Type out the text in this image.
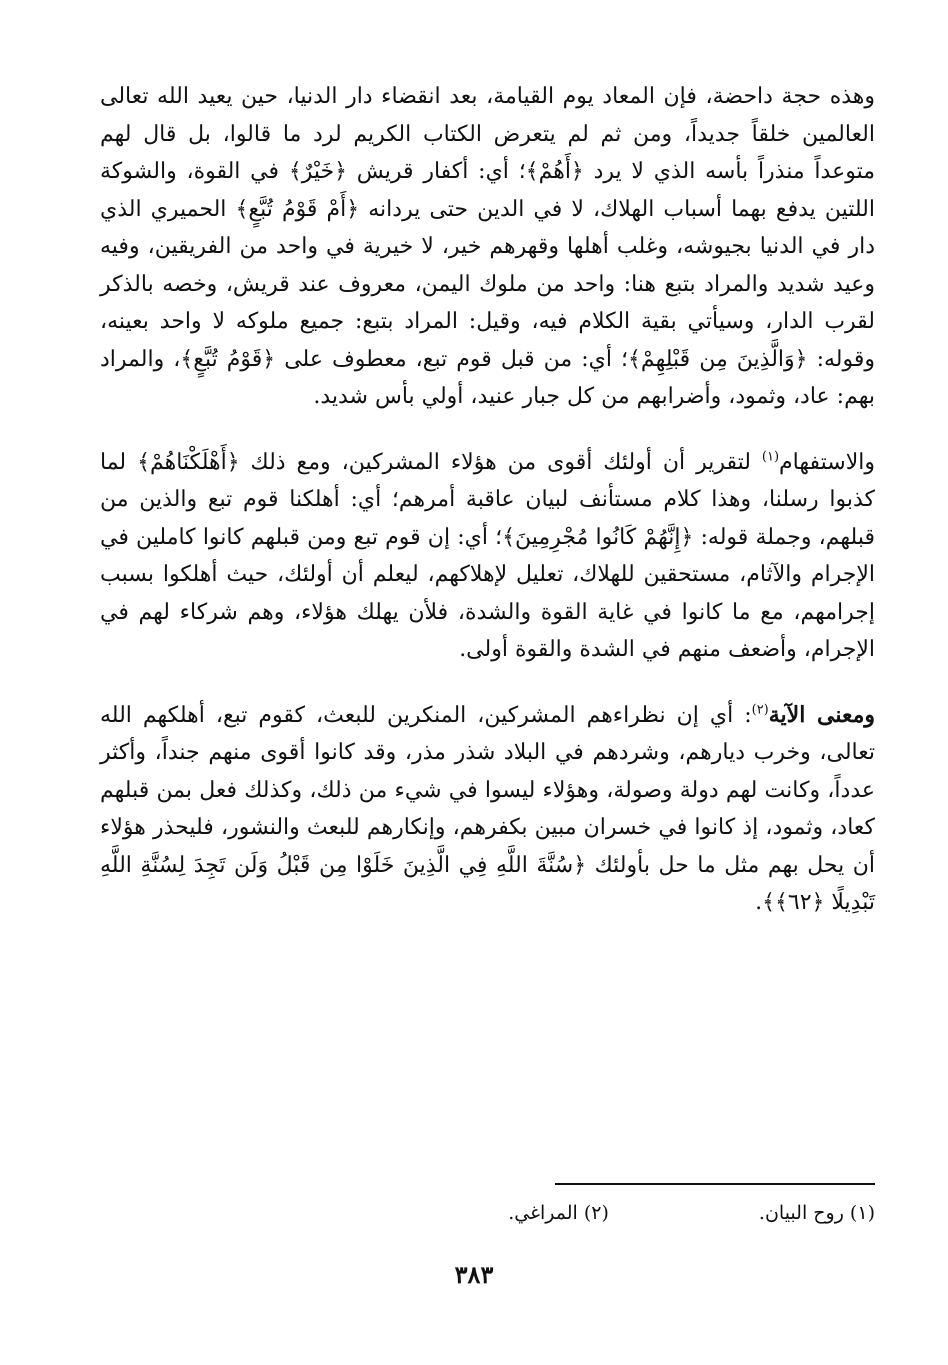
وهذه حجة داحضة، فإن المعاد يوم القيامة، بعد انقضاء دار الدنيا، حين يعيد الله تعالى العالمين خلقاً جديداً، ومن ثم لم يتعرض الكتاب الكريم لرد ما قالوا، بل قال لهم متوعداً منذراً بأسه الذي لا يرد ﴿أَهُمْ﴾؛ أي: أكفار قريش ﴿خَيْرٌ﴾ في القوة، والشوكة اللتين يدفع بهما أسباب الهلاك، لا في الدين حتى يردانه ﴿أَمْ قَوْمُ تُبَّعٍ﴾ الحميري الذي دار في الدنيا بجيوشه، وغلب أهلها وقهرهم خير، لا خيرية في واحد من الفريقين، وفيه وعيد شديد والمراد بتبع هنا: واحد من ملوك اليمن، معروف عند قريش، وخصه بالذكر لقرب الدار، وسيأتي بقية الكلام فيه، وقيل: المراد بتبع: جميع ملوكه لا واحد بعينه، وقوله: ﴿وَالَّذِينَ مِن قَبْلِهِمْ﴾؛ أي: من قبل قوم تبع، معطوف على ﴿قَوْمُ تُبَّعٍ﴾، والمراد بهم: عاد، وثمود، وأضرابهم من كل جبار عنيد، أولي بأس شديد.

والاستفهام$^{(١)}$ لتقرير أن أولئك أقوى من هؤلاء المشركين، ومع ذلك ﴿أَهْلَكْنَاهُمْ﴾ لما كذبوا رسلنا، وهذا كلام مستأنف لبيان عاقبة أمرهم؛ أي: أهلكنا قوم تبع والذين من قبلهم، وجملة قوله: ﴿إِنَّهُمْ كَانُوا مُجْرِمِينَ﴾؛ أي: إن قوم تبع ومن قبلهم كانوا كاملين في الإجرام والآثام، مستحقين للهلاك، تعليل لإهلاكهم، ليعلم أن أولئك، حيث أهلكوا بسبب إجرامهم، مع ما كانوا في غاية القوة والشدة، فلأن يهلك هؤلاء، وهم شركاء لهم في الإجرام، وأضعف منهم في الشدة والقوة أولى.

ومعنى الآية$^{(٢)}$: أي إن نظراءهم المشركين، المنكرين للبعث، كقوم تبع، أهلكهم الله تعالى، وخرب ديارهم، وشردهم في البلاد شذر مذر، وقد كانوا أقوى منهم جنداً، وأكثر عدداً، وكانت لهم دولة وصولة، وهؤلاء ليسوا في شيء من ذلك، وكذلك فعل بمن قبلهم كعاد، وثمود، إذ كانوا في خسران مبين بكفرهم، وإنكارهم للبعث والنشور، فليحذر هؤلاء أن يحل بهم مثل ما حل بأولئك ﴿سُنَّةَ اللَّهِ فِي الَّذِينَ خَلَوْا مِن قَبْلُ وَلَن تَجِدَ لِسُنَّةِ اللَّهِ تَبْدِيلًا ﴿٦٢﴾﴾.

(١) روح البيان.
(٢) المراغي.
٣٨٣
